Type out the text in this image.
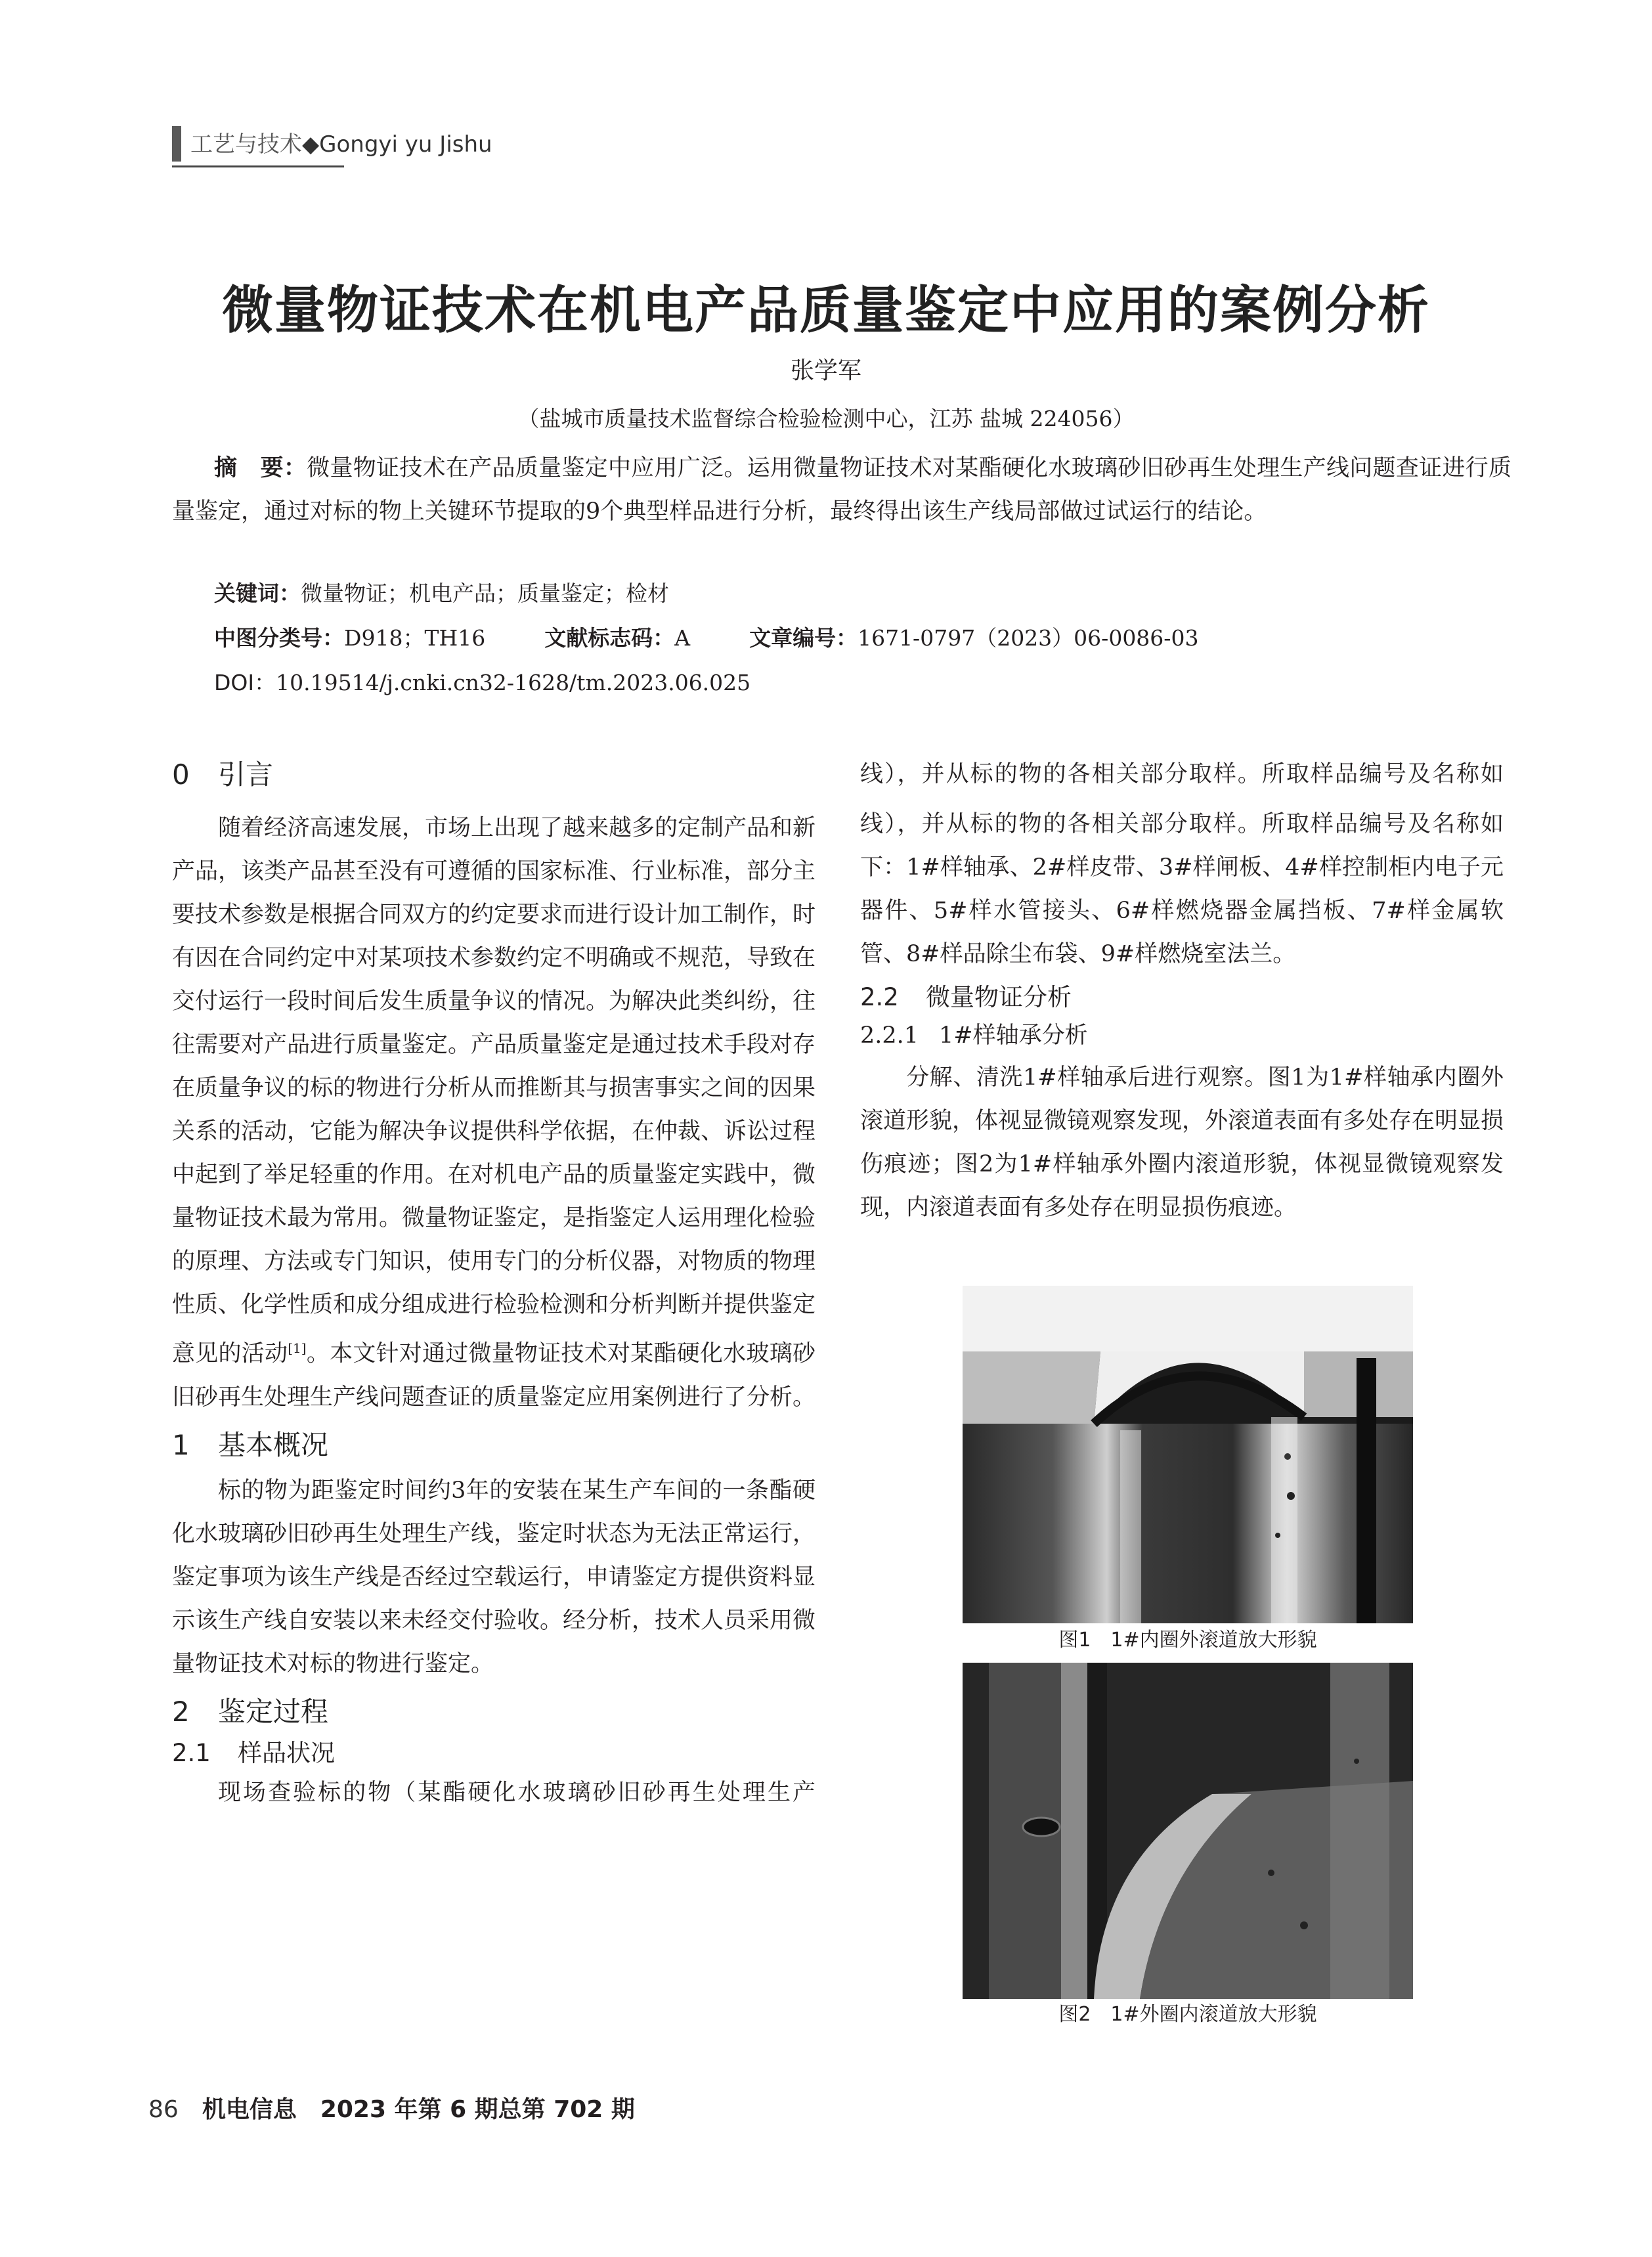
工艺与技术◆Gongyi yu Jishu
微量物证技术在机电产品质量鉴定中应用的案例分析
张学军
（盐城市质量技术监督综合检验检测中心，江苏 盐城 224056）
摘　要：微量物证技术在产品质量鉴定中应用广泛。运用微量物证技术对某酯硬化水玻璃砂旧砂再生处理生产线问题查证进行质量鉴定，通过对标的物上关键环节提取的9个典型样品进行分析，最终得出该生产线局部做过试运行的结论。
关键词：微量物证；机电产品；质量鉴定；检材
中图分类号：D918；TH16	文献标志码：A	文章编号：1671-0797（2023）06-0086-03
DOI：10.19514/j.cnki.cn32-1628/tm.2023.06.025
0 引言
随着经济高速发展，市场上出现了越来越多的定制产品和新产品，该类产品甚至没有可遵循的国家标准、行业标准，部分主要技术参数是根据合同双方的约定要求而进行设计加工制作，时有因在合同约定中对某项技术参数约定不明确或不规范，导致在交付运行一段时间后发生质量争议的情况。为解决此类纠纷，往往需要对产品进行质量鉴定。产品质量鉴定是通过技术手段对存在质量争议的标的物进行分析从而推断其与损害事实之间的因果关系的活动，它能为解决争议提供科学依据，在仲裁、诉讼过程中起到了举足轻重的作用。在对机电产品的质量鉴定实践中，微量物证技术最为常用。微量物证鉴定，是指鉴定人运用理化检验的原理、方法或专门知识，使用专门的分析仪器，对物质的物理性质、化学性质和成分组成进行检验检测和分析判断并提供鉴定意见的活动[1]。本文针对通过微量物证技术对某酯硬化水玻璃砂旧砂再生处理生产线问题查证的质量鉴定应用案例进行了分析。
1 基本概况
标的物为距鉴定时间约3年的安装在某生产车间的一条酯硬化水玻璃砂旧砂再生处理生产线，鉴定时状态为无法正常运行，鉴定事项为该生产线是否经过空载运行，申请鉴定方提供资料显示该生产线自安装以来未经交付验收。经分析，技术人员采用微量物证技术对标的物进行鉴定。
2 鉴定过程
2.1 样品状况
现场查验标的物（某酯硬化水玻璃砂旧砂再生处理生产
线），并从标的物的各相关部分取样。所取样品编号及名称如
线），并从标的物的各相关部分取样。所取样品编号及名称如下：1#样轴承、2#样皮带、3#样闸板、4#样控制柜内电子元器件、5#样水管接头、6#样燃烧器金属挡板、7#样金属软管、8#样品除尘布袋、9#样燃烧室法兰。
2.2 微量物证分析
2.2.1 1#样轴承分析
分解、清洗1#样轴承后进行观察。图1为1#样轴承内圈外滚道形貌，体视显微镜观察发现，外滚道表面有多处存在明显损伤痕迹；图2为1#样轴承外圈内滚道形貌，体视显微镜观察发现，内滚道表面有多处存在明显损伤痕迹。
图1　1#内圈外滚道放大形貌
图2　1#外圈内滚道放大形貌
86 机电信息　2023 年第 6 期总第 702 期
